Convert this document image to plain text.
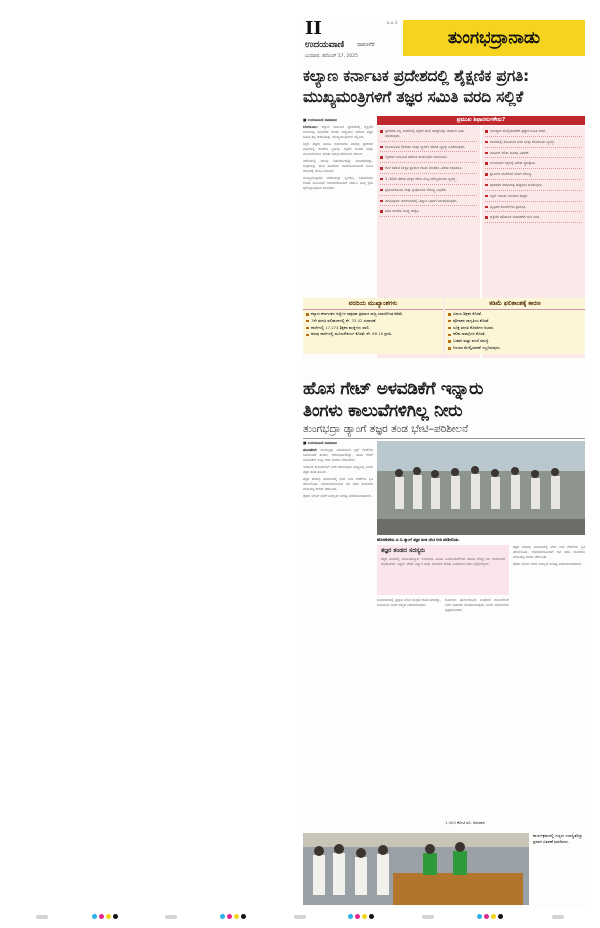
II
ಉದಯವಾಣಿ	ದಾವಣಗೆರೆ
ಬುಧವಾರ, ಡಿಸೆಂಬರ್ 17, 2025
ಬಿ.ಪಿ 3
ತುಂಗಭದ್ರಾನಾಡು
ಕಲ್ಯಾಣ ಕರ್ನಾಟಕ ಪ್ರದೇಶದಲ್ಲಿ ಶೈಕ್ಷಣಿಕ ಪ್ರಗತಿ:
ಮುಖ್ಯಮಂತ್ರಿಗಳಿಗೆ ತಜ್ಞರ ಸಮಿತಿ ವರದಿ ಸಲ್ಲಿಕೆ

■ ಉದಯವಾಣಿ ಸಮಾಚಾರ

ಬೆಂಗಳೂರು: ಕಲ್ಯಾಣ ಕರ್ನಾಟಕ ಪ್ರದೇಶದಲ್ಲಿ ಶೈಕ್ಷಣಿಕ ಗುಣಮಟ್ಟ ಸುಧಾರಣೆ ಕುರಿತು ಅಧ್ಯಯನ ನಡೆಸಿದ ತಜ್ಞರ ಸಮಿತಿ ತನ್ನ ವರದಿಯನ್ನು ಮುಖ್ಯಮಂತ್ರಿಗಳಿಗೆ ಸಲ್ಲಿಸಿದೆ.

ಶಿಕ್ಷಣ ತಜ್ಞರು ಹಾಗೂ ಅಧಿಕಾರಿಗಳ ತಂಡವು ಪ್ರದೇಶದ ಜಿಲ್ಲೆಗಳಲ್ಲಿ ಶಾಲೆಗಳ ಸ್ಥಿತಿಗತಿ, ಶಿಕ್ಷಕರ ಕೊರತೆ ಮತ್ತು ಮೂಲಸೌಕರ್ಯ ಕುರಿತು ಸಮಗ್ರ ಪರಿಶೀಲನೆ ನಡೆಸಿದೆ.

ವರದಿಯಲ್ಲಿ ಹಲವು ಶಿಫಾರಸುಗಳನ್ನು ಮಾಡಲಾಗಿದ್ದು, ಅವುಗಳನ್ನು ಹಂತ ಹಂತವಾಗಿ ಜಾರಿಗೊಳಿಸುವಂತೆ ಸಮಿತಿ ಸರ್ಕಾರಕ್ಕೆ ಮನವಿ ಮಾಡಿದೆ.

ಮುಖ್ಯಮಂತ್ರಿಗಳು ವರದಿಯನ್ನು ಸ್ವೀಕರಿಸಿ, ಶಿಫಾರಸುಗಳ ಕುರಿತು ಸಂಬಂಧಿತ ಇಲಾಖೆಗಳೊಂದಿಗೆ ಚರ್ಚಿಸಿ ಸೂಕ್ತ ಕ್ರಮ ಕೈಗೊಳ್ಳುವುದಾಗಿ ತಿಳಿಸಿದರು.

ಪ್ರಮುಖ ಶಿಫಾರಸುಗಳೇನು?
ಪ್ರದೇಶದ ಎಲ್ಲ ಶಾಲೆಗಳಲ್ಲಿ ಶಿಕ್ಷಕರ ಖಾಲಿ ಹುದ್ದೆಗಳನ್ನು ತುರ್ತಾಗಿ ಭರ್ತಿ ಮಾಡುವುದು.
ಮೂಲಭೂತ ಸೌಕರ್ಯ ಮತ್ತು ಸ್ಮಾರ್ಟ್ ತರಗತಿ ವ್ಯವಸ್ಥೆ ಒದಗಿಸುವುದು.
ಶಿಕ್ಷಕರಿಗೆ ನಿಯಮಿತ ತರಬೇತಿ ಕಾರ್ಯಕ್ರಮ ಆಯೋಜನೆ.
ಶಾಲೆ ಬಿಡುವ ಮಕ್ಕಳ ಪ್ರಮಾಣ ಕಡಿಮೆ ಮಾಡಲು ವಿಶೇಷ ಅಭಿಯಾನ.
1–10ನೇ ತರಗತಿ ಮಕ್ಕಳ ಕಲಿಕಾ ಮಟ್ಟ ಮೌಲ್ಯಮಾಪನ ವ್ಯವಸ್ಥೆ.
ಪ್ರಯೋಗಾಲಯ ಮತ್ತು ಗ್ರಂಥಾಲಯ ಸೌಲಭ್ಯ ವಿಸ್ತರಣೆ.
ಪದವಿಪೂರ್ವ ಕಾಲೇಜುಗಳಲ್ಲಿ ವಿಜ್ಞಾನ ವಿಭಾಗ ಬಲಪಡಿಸುವುದು.
ವಸತಿ ಶಾಲೆಗಳ ಸಂಖ್ಯೆ ಹೆಚ್ಚಳ.
ಅನುಷ್ಠಾನ ಮೇಲ್ವಿಚಾರಣೆಗೆ ಪ್ರತ್ಯೇಕ ಸಮಿತಿ ರಚನೆ.
ಶಾಲೆಗಳಲ್ಲಿ ಕುಡಿಯುವ ನೀರು ಮತ್ತು ಶೌಚಾಲಯ ವ್ಯವಸ್ಥೆ.
ಡಿಜಿಟಲ್ ಕಲಿಕಾ ಸಾಮಗ್ರಿ ವಿತರಣೆ.
ಬಾಲಕಿಯರ ಶಿಕ್ಷಣಕ್ಕೆ ವಿಶೇಷ ಪ್ರೋತ್ಸಾಹ.
ಗ್ರಾಮೀಣ ಶಾಲೆಗಳಿಗೆ ಸಾರಿಗೆ ಸೌಲಭ್ಯ.
ಪೋಷಕರ ಸಹಭಾಗಿತ್ವ ಹೆಚ್ಚಿಸುವ ಕಾರ್ಯಕ್ರಮ.
ಶಿಕ್ಷಣ ಇಲಾಖೆ ಅನುದಾನ ಹೆಚ್ಚಳ.
ವೃತ್ತಿಪರ ಕೋರ್ಸ್‌ಗಳ ಪ್ರಾರಂಭ.
ಶೈಕ್ಷಣಿಕ ಫಲಿತಾಂಶ ಸುಧಾರಣೆಗೆ ಗುರಿ ನಿಗದಿ.
ಹೊಸ ಗೇಟ್ ಅಳವಡಿಕೆಗೆ ಇನ್ನಾರು
ತಿಂಗಳು ಕಾಲುವೆಗಳಿಗಿಲ್ಲ ನೀರು
ತುಂಗಭದ್ರಾ ಡ್ಯಾಂಗೆ ತಜ್ಞರ ತಂಡ ಭೇಟಿ–ಪರಿಶೀಲನೆ

■ ಉದಯವಾಣಿ ಸಮಾಚಾರ

ಹೊಸಪೇಟೆ: ತುಂಗಭದ್ರಾ ಜಲಾಶಯದ ಕ್ರಸ್ಟ್ ಗೇಟ್‌ಗಳ ಬದಲಾವಣೆ ಕಾರ್ಯ ಆರಂಭವಾಗಲಿದ್ದು, ಹೊಸ ಗೇಟ್ ಅಳವಡಿಕೆಗೆ ಇನ್ನೂ ಆರು ತಿಂಗಳು ಬೇಕಾಗಲಿದೆ.

ಇದರಿಂದ ಕಾಲುವೆಗಳಿಗೆ ನೀರು ಹರಿಸುವುದು ಸಾಧ್ಯವಿಲ್ಲ ಎಂದು ತಜ್ಞರ ತಂಡ ತಿಳಿಸಿದೆ.

ತಜ್ಞರ ತಂಡವು ಜಲಾಶಯಕ್ಕೆ ಭೇಟಿ ನೀಡಿ ಗೇಟ್‌ಗಳ ಸ್ಥಿತಿ ಪರಿಶೀಲಿಸಿತು. ಅಧಿಕಾರಿಗಳೊಂದಿಗೆ ಸಭೆ ನಡೆಸಿ ಕಾಮಗಾರಿ ವೇಳಾಪಟ್ಟಿ ಕುರಿತು ಚರ್ಚಿಸಿತು.

ರೈತರು ಬೇಸಿಗೆ ಬೆಳೆಗೆ ನೀರಿಲ್ಲದೆ ಸಂಕಷ್ಟ ಎದುರಿಸುವಂತಾಗಿದೆ.

ಹೊಸಪೇಟೆಯ ಟಿ.ಬಿ.ಡ್ಯಾಂಗೆ ತಜ್ಞರ ತಂಡ ಭೇಟಿ ನೀಡಿ ಪರಿಶೀಲಿಸಿತು.
ತಜ್ಞರ ತಂಡದ ಸದಸ್ಯರು
ತಜ್ಞರ ತಂಡದಲ್ಲಿ ಜಲಸಂಪನ್ಮೂಲ ಇಲಾಖೆಯ ಹಿರಿಯ ಎಂಜಿನಿಯರ್‌ಗಳು ಹಾಗೂ ಕೇಂದ್ರ ಜಲ ಆಯೋಗದ ಅಧಿಕಾರಿಗಳು ಇದ್ದರು. ಗೇಟ್ ವಿನ್ಯಾಸ ಮತ್ತು ಅಳವಡಿಕೆ ಕುರಿತು ವಿವರವಾದ ವರದಿ ಸಲ್ಲಿಸಲಿದ್ದಾರೆ.

ಜಲಾಶಯದಲ್ಲಿ ಪ್ರಸ್ತುತ ನೀರಿನ ಸಂಗ್ರಹ ಕಡಿಮೆಯಾಗಿದ್ದು, ಕುಡಿಯುವ ನೀರಿಗೆ ಆದ್ಯತೆ ನೀಡಲಾಗುವುದು.

ಕಾಮಗಾರಿ ಪೂರ್ಣಗೊಂಡ ನಂತರವೇ ಕಾಲುವೆಗಳಿಗೆ ನೀರು ಬಿಡುಗಡೆ ಮಾಡಲಾಗುವುದು ಎಂದು ಅಧಿಕಾರಿಗಳು ಸ್ಪಷ್ಟಪಡಿಸಿದರು.

ತಜ್ಞರ ತಂಡವು ಜಲಾಶಯಕ್ಕೆ ಭೇಟಿ ನೀಡಿ ಗೇಟ್‌ಗಳ ಸ್ಥಿತಿ ಪರಿಶೀಲಿಸಿತು. ಅಧಿಕಾರಿಗಳೊಂದಿಗೆ ಸಭೆ ನಡೆಸಿ ಕಾಮಗಾರಿ ವೇಳಾಪಟ್ಟಿ ಕುರಿತು ಚರ್ಚಿಸಿತು.

ರೈತರು ಬೇಸಿಗೆ ಬೆಳೆಗೆ ನೀರಿಲ್ಲದೆ ಸಂಕಷ್ಟ ಎದುರಿಸುವಂತಾಗಿದೆ.

1,000 ಕೋಟಿ ರೂ. ಅನುದಾನ
ಕಾರ್ಯಕ್ರಮದಲ್ಲಿ ಗಣ್ಯರು ಉಪಸ್ಥಿತರಿದ್ದು ಪ್ರಸಾದ ವಿತರಣೆ ಮಾಡಿದರು.
ವರದಿಯ ಮುಖ್ಯಾಂಶಗಳು
ಕಲ್ಯಾಣ ಕರ್ನಾಟಕದ ಜಿಲ್ಲೆಗಳ ಸಾಕ್ಷರತಾ ಪ್ರಮಾಣ ರಾಜ್ಯ ಸರಾಸರಿಗಿಂತ ಕಡಿಮೆ.
7ನೇ ತರಗತಿ ಫಲಿತಾಂಶದಲ್ಲಿ ಶೇ. 33.42 ಸುಧಾರಣೆ.
ಶಾಲೆಗಳಲ್ಲಿ 17,274 ಶಿಕ್ಷಕರ ಹುದ್ದೆಗಳು ಖಾಲಿ.
ಹಲವು ಶಾಲೆಗಳಲ್ಲಿ ಮೂಲಸೌಕರ್ಯ ಕೊರತೆ; ಶೇ. 66.16 ಪ್ರಗತಿ.
ಕಡಿಮೆ ಫಲಿತಾಂಶಕ್ಕೆ ಕಾರಣ
ವಿಷಯ ಶಿಕ್ಷಕರ ಕೊರತೆ.
ಪೋಷಕರ ಜಾಗೃತಿಯ ಕೊರತೆ.
ಸೂಕ್ತ ತರಗತಿ ಕೊಠಡಿಗಳ ಅಭಾವ.
ಕಲಿಕಾ ಸಾಮಗ್ರಿಗಳ ಕೊರತೆ.
ಬಡತನ ಮತ್ತು ವಲಸೆ ಸಮಸ್ಯೆ.
ನಿರಂತರ ಮೇಲ್ವಿಚಾರಣೆ ಇಲ್ಲದಿರುವುದು.
